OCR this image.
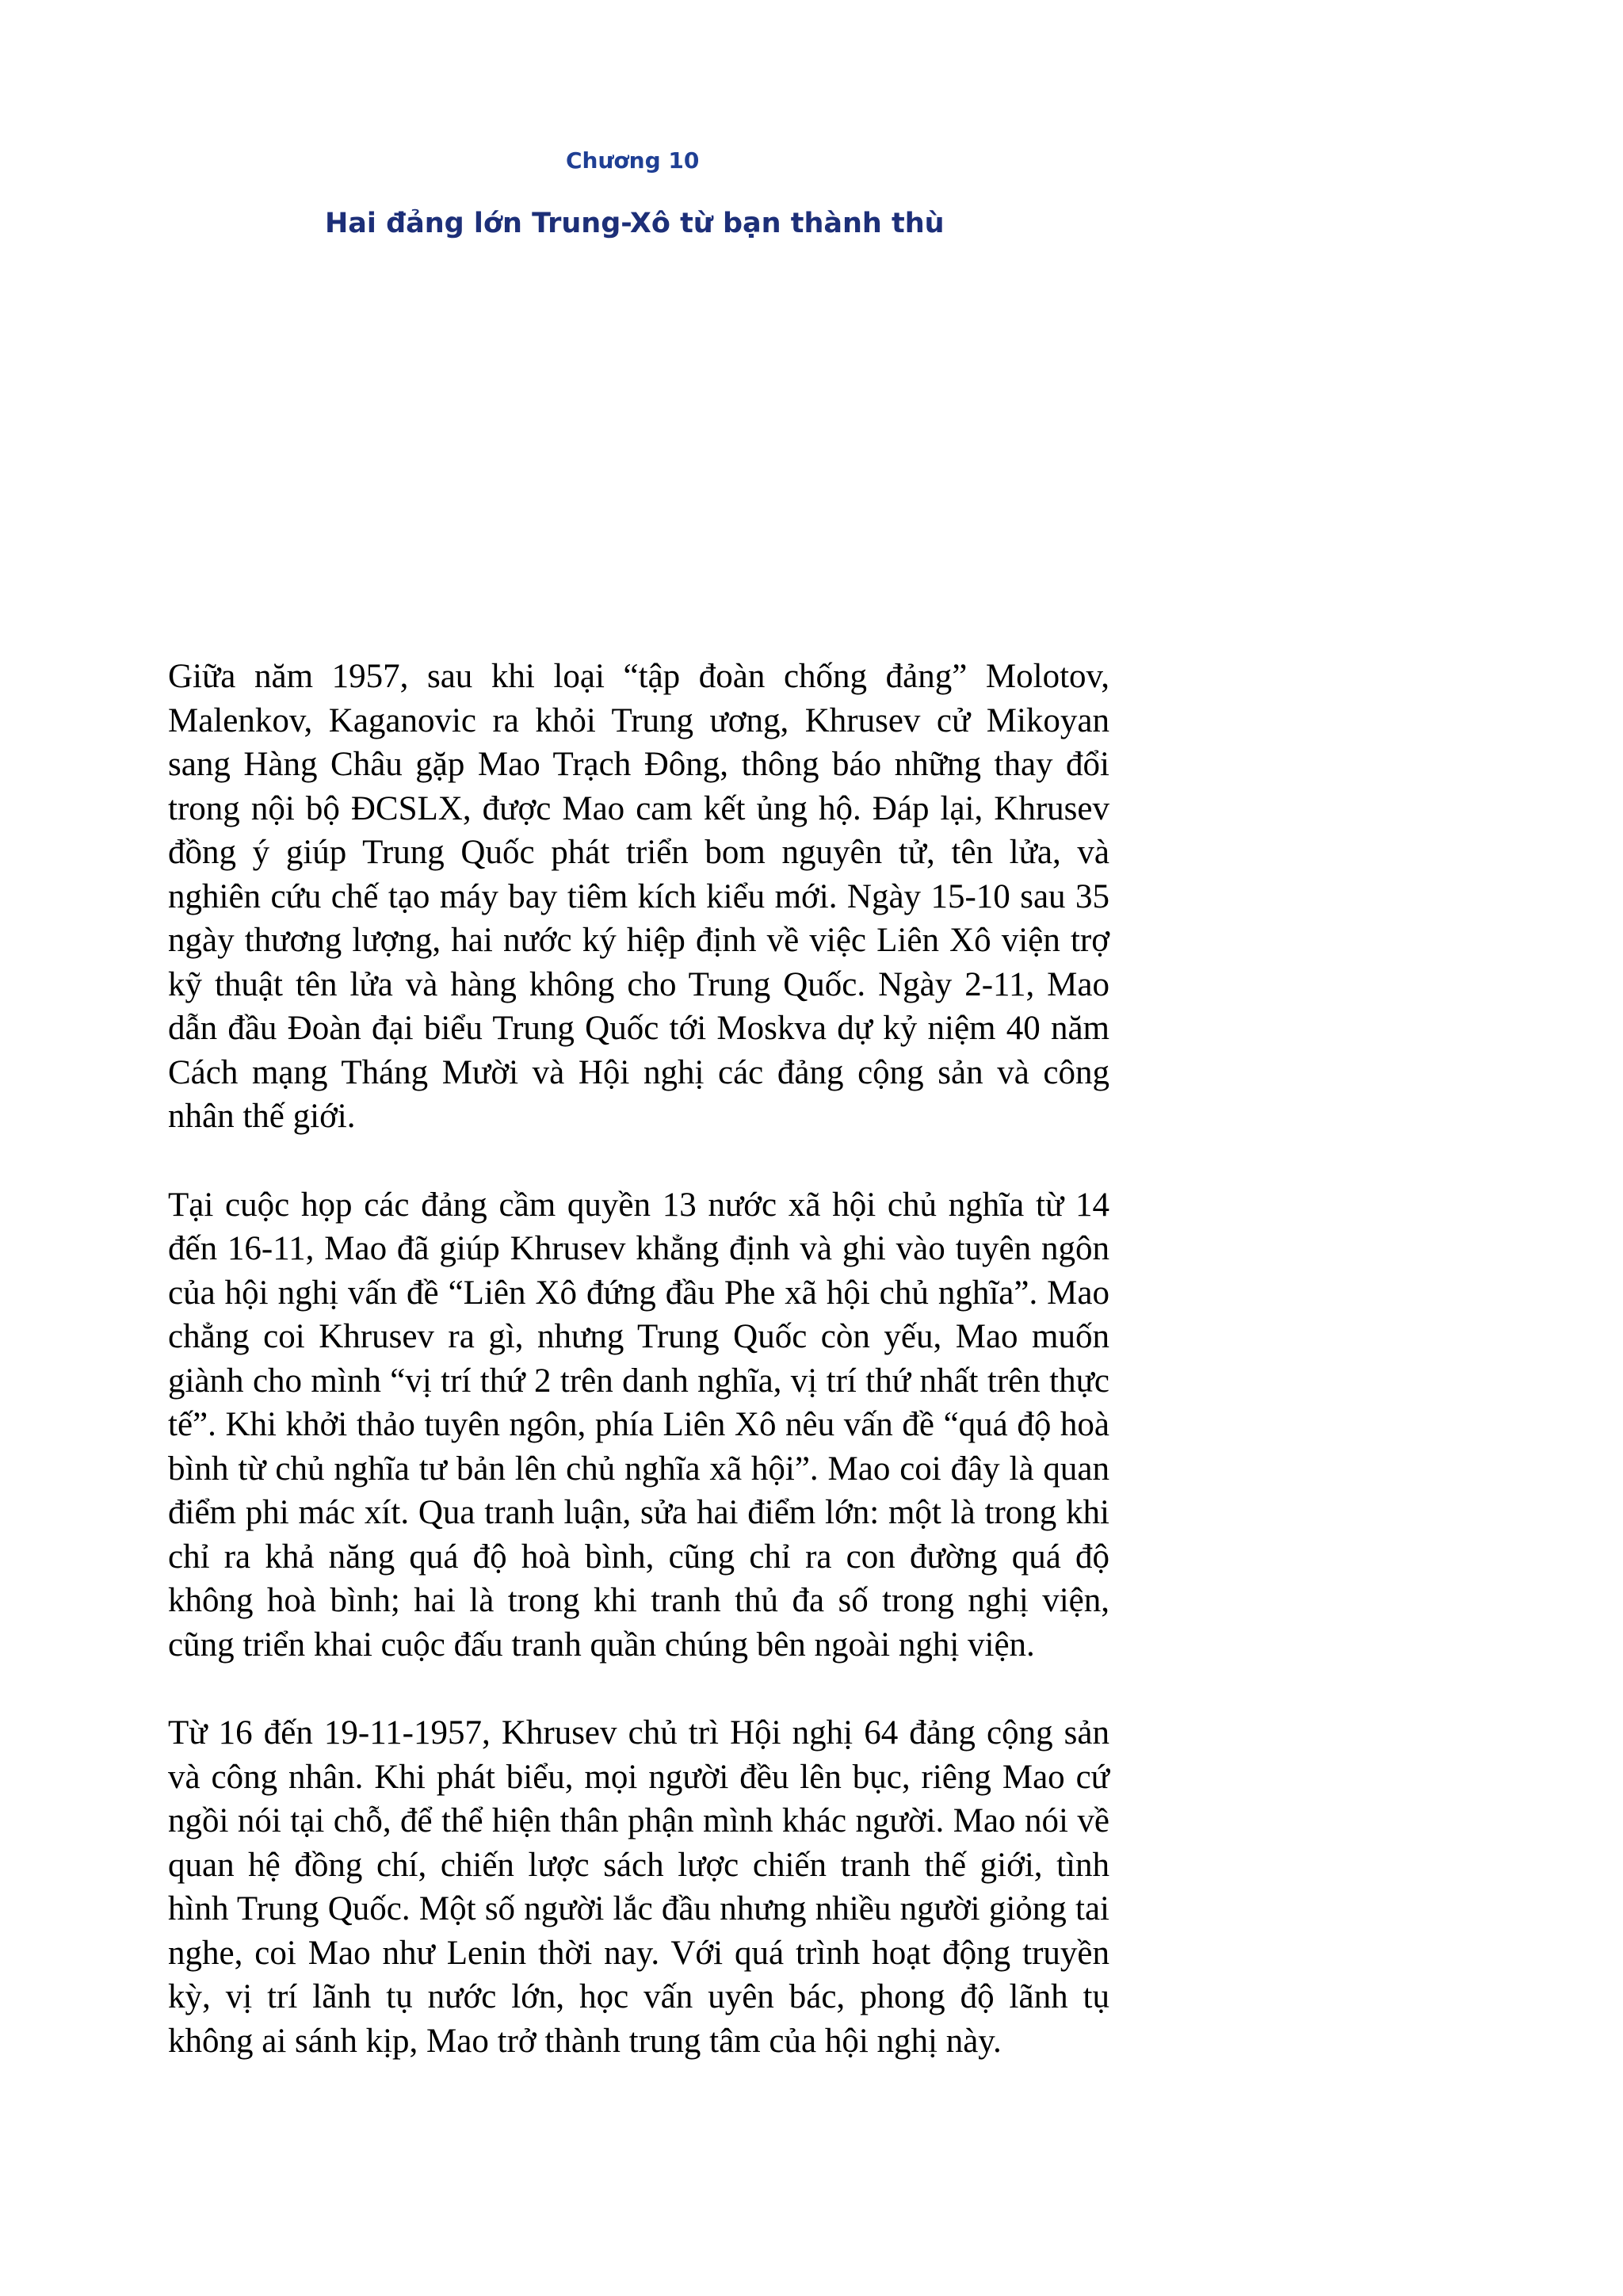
Chương 10
Hai đảng lớn Trung-Xô từ bạn thành thù

Giữa năm 1957, sau khi loại “tập đoàn chống đảng” Molotov, Malenkov, Kaganovic ra khỏi Trung ương, Khrusev cử Mikoyan sang Hàng Châu gặp Mao Trạch Đông, thông báo những thay đổi trong nội bộ ĐCSLX, được Mao cam kết ủng hộ. Đáp lại, Khrusev đồng ý giúp Trung Quốc phát triển bom nguyên tử, tên lửa, và nghiên cứu chế tạo máy bay tiêm kích kiểu mới. Ngày 15-10 sau 35 ngày thương lượng, hai nước ký hiệp định về việc Liên Xô viện trợ kỹ thuật tên lửa và hàng không cho Trung Quốc. Ngày 2-11, Mao dẫn đầu Đoàn đại biểu Trung Quốc tới Moskva dự kỷ niệm 40 năm Cách mạng Tháng Mười và Hội nghị các đảng cộng sản và công nhân thế giới.

Tại cuộc họp các đảng cầm quyền 13 nước xã hội chủ nghĩa từ 14 đến 16-11, Mao đã giúp Khrusev khẳng định và ghi vào tuyên ngôn của hội nghị vấn đề “Liên Xô đứng đầu Phe xã hội chủ nghĩa”. Mao chẳng coi Khrusev ra gì, nhưng Trung Quốc còn yếu, Mao muốn giành cho mình “vị trí thứ 2 trên danh nghĩa, vị trí thứ nhất trên thực tế”. Khi khởi thảo tuyên ngôn, phía Liên Xô nêu vấn đề “quá độ hoà bình từ chủ nghĩa tư bản lên chủ nghĩa xã hội”. Mao coi đây là quan điểm phi mác xít. Qua tranh luận, sửa hai điểm lớn: một là trong khi chỉ ra khả năng quá độ hoà bình, cũng chỉ ra con đường quá độ không hoà bình; hai là trong khi tranh thủ đa số trong nghị viện, cũng triển khai cuộc đấu tranh quần chúng bên ngoài nghị viện.

Từ 16 đến 19-11-1957, Khrusev chủ trì Hội nghị 64 đảng cộng sản và công nhân. Khi phát biểu, mọi người đều lên bục, riêng Mao cứ ngồi nói tại chỗ, để thể hiện thân phận mình khác người. Mao nói về quan hệ đồng chí, chiến lược sách lược chiến tranh thế giới, tình hình Trung Quốc. Một số người lắc đầu nhưng nhiều người giỏng tai nghe, coi Mao như Lenin thời nay. Với quá trình hoạt động truyền kỳ, vị trí lãnh tụ nước lớn, học vấn uyên bác, phong độ lãnh tụ không ai sánh kịp, Mao trở thành trung tâm của hội nghị này.
